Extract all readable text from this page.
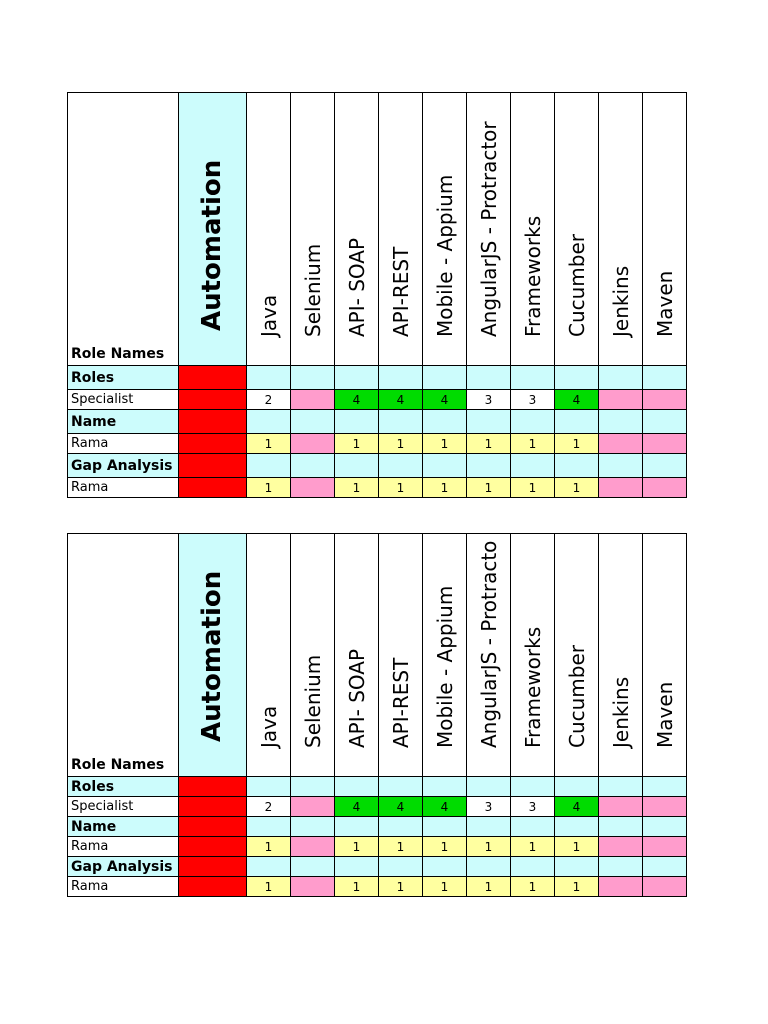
Role Names	Automation	Java	Selenium	API- SOAP	API-REST	Mobile - Appium	AngularJS - Protractor	Frameworks	Cucumber	Jenkins	Maven

Roles											
Specialist		2		4	4	4	3	3	4		
Name											
Rama		1		1	1	1	1	1	1		
Gap Analysis											
Rama		1		1	1	1	1	1	1		
Role Names	Automation	Java	Selenium	API- SOAP	API-REST	Mobile - Appium	AngularJS - Protracto	Frameworks	Cucumber	Jenkins	Maven

Roles											
Specialist		2		4	4	4	3	3	4		
Name											
Rama		1		1	1	1	1	1	1		
Gap Analysis											
Rama		1		1	1	1	1	1	1		
